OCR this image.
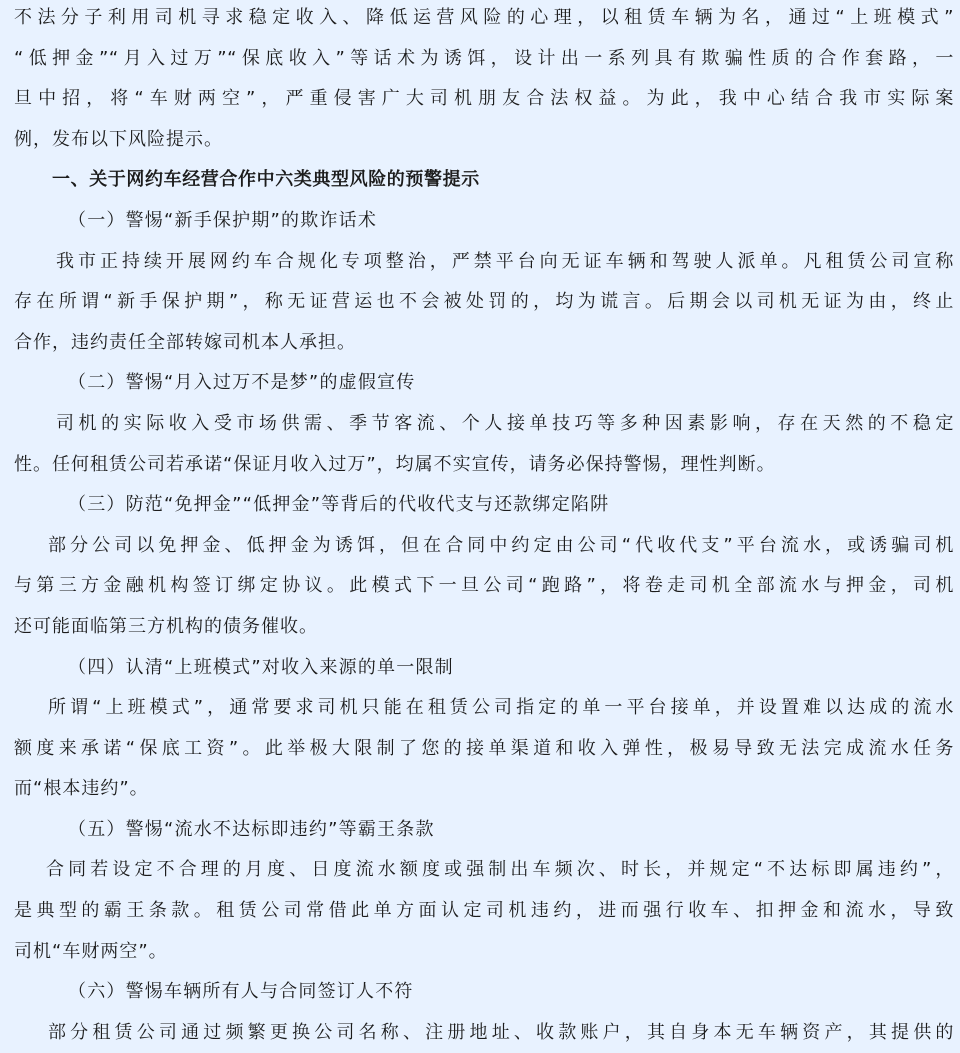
不法分子利用司机寻求稳定收入、降低运营风险的心理，以租赁车辆为名，通过“上班模式”
“低押金”“月入过万”“保底收入”等话术为诱饵，设计出一系列具有欺骗性质的合作套路，一
旦中招，将“车财两空”，严重侵害广大司机朋友合法权益。为此，我中心结合我市实际案
例，发布以下风险提示。
一、关于网约车经营合作中六类典型风险的预警提示
（一）警惕“新手保护期”的欺诈话术
我市正持续开展网约车合规化专项整治，严禁平台向无证车辆和驾驶人派单。凡租赁公司宣称
存在所谓“新手保护期”，称无证营运也不会被处罚的，均为谎言。后期会以司机无证为由，终止
合作，违约责任全部转嫁司机本人承担。
（二）警惕“月入过万不是梦”的虚假宣传
司机的实际收入受市场供需、季节客流、个人接单技巧等多种因素影响，存在天然的不稳定
性。任何租赁公司若承诺“保证月收入过万”，均属不实宣传，请务必保持警惕，理性判断。
（三）防范“免押金”“低押金”等背后的代收代支与还款绑定陷阱
部分公司以免押金、低押金为诱饵，但在合同中约定由公司“代收代支”平台流水，或诱骗司机
与第三方金融机构签订绑定协议。此模式下一旦公司“跑路”，将卷走司机全部流水与押金，司机
还可能面临第三方机构的债务催收。
（四）认清“上班模式”对收入来源的单一限制
所谓“上班模式”，通常要求司机只能在租赁公司指定的单一平台接单，并设置难以达成的流水
额度来承诺“保底工资”。此举极大限制了您的接单渠道和收入弹性，极易导致无法完成流水任务
而“根本违约”。
（五）警惕“流水不达标即违约”等霸王条款
合同若设定不合理的月度、日度流水额度或强制出车频次、时长，并规定“不达标即属违约”，
是典型的霸王条款。租赁公司常借此单方面认定司机违约，进而强行收车、扣押金和流水，导致
司机“车财两空”。
（六）警惕车辆所有人与合同签订人不符
部分租赁公司通过频繁更换公司名称、注册地址、收款账户，其自身本无车辆资产，其提供的
